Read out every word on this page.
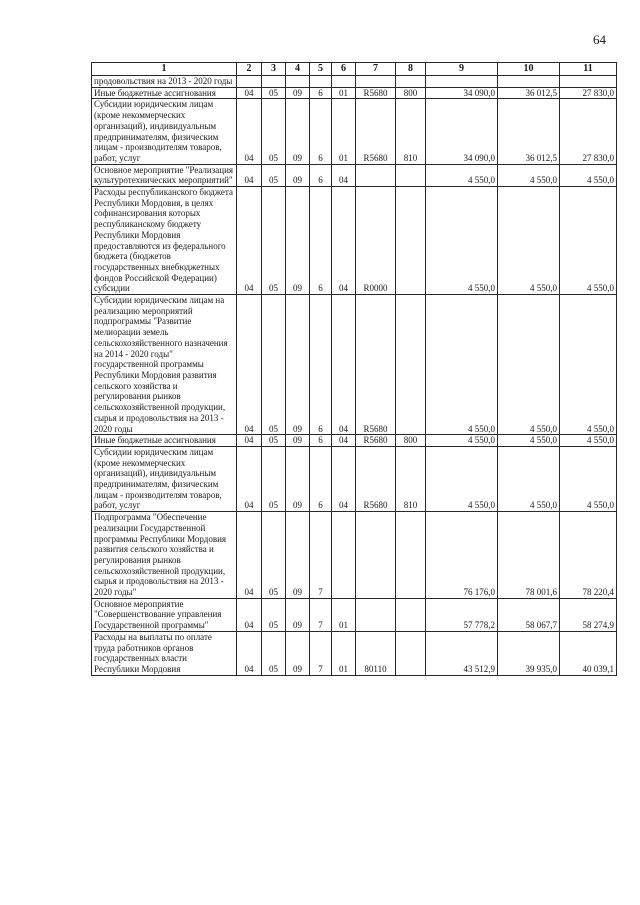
64
1	2	3	4	5	6	7	8	9	10	11
продовольствия на 2013 - 2020 годы										
Иные бюджетные ассигнования	04	05	09	6	01	R5680	800	34 090,0	36 012,5	27 830,0
Субсидии юридическим лицам (кроме некоммерческих организаций), индивидуальным предпринимателям, физическим лицам - производителям товаров, работ, услуг	04	05	09	6	01	R5680	810	34 090,0	36 012,5	27 830,0
Основное мероприятие "Реализация культуротехнических мероприятий"	04	05	09	6	04			4 550,0	4 550,0	4 550,0
Расходы республиканского бюджета Республики Мордовия, в целях софинансирования которых республиканскому бюджету Республики Мордовия предоставляются из федерального бюджета (бюджетов государственных внебюджетных фондов Российской Федерации) субсидии	04	05	09	6	04	R0000		4 550,0	4 550,0	4 550,0
Субсидии юридическим лицам на реализацию мероприятий подпрограммы "Развитие мелиорации земель сельскохозяйственного назначения на 2014 - 2020 годы" государственной программы Республики Мордовия развития сельского хозяйства и регулирования рынков сельскохозяйственной продукции, сырья и продовольствия на 2013 - 2020 годы	04	05	09	6	04	R5680		4 550,0	4 550,0	4 550,0
Иные бюджетные ассигнования	04	05	09	6	04	R5680	800	4 550,0	4 550,0	4 550,0
Субсидии юридическим лицам (кроме некоммерческих организаций), индивидуальным предпринимателям, физическим лицам - производителям товаров, работ, услуг	04	05	09	6	04	R5680	810	4 550,0	4 550,0	4 550,0
Подпрограмма "Обеспечение реализации Государственной программы Республики Мордовия развития сельского хозяйства и регулирования рынков сельскохозяйственной продукции, сырья и продовольствия на 2013 - 2020 годы"	04	05	09	7				76 176,0	78 001,6	78 220,4
Основное мероприятие "Совершенствование управления Государственной программы"	04	05	09	7	01			57 778,2	58 067,7	58 274,9
Расходы на выплаты по оплате труда работников органов государственных власти Республики Мордовия	04	05	09	7	01	80110		43 512,9	39 935,0	40 039,1
